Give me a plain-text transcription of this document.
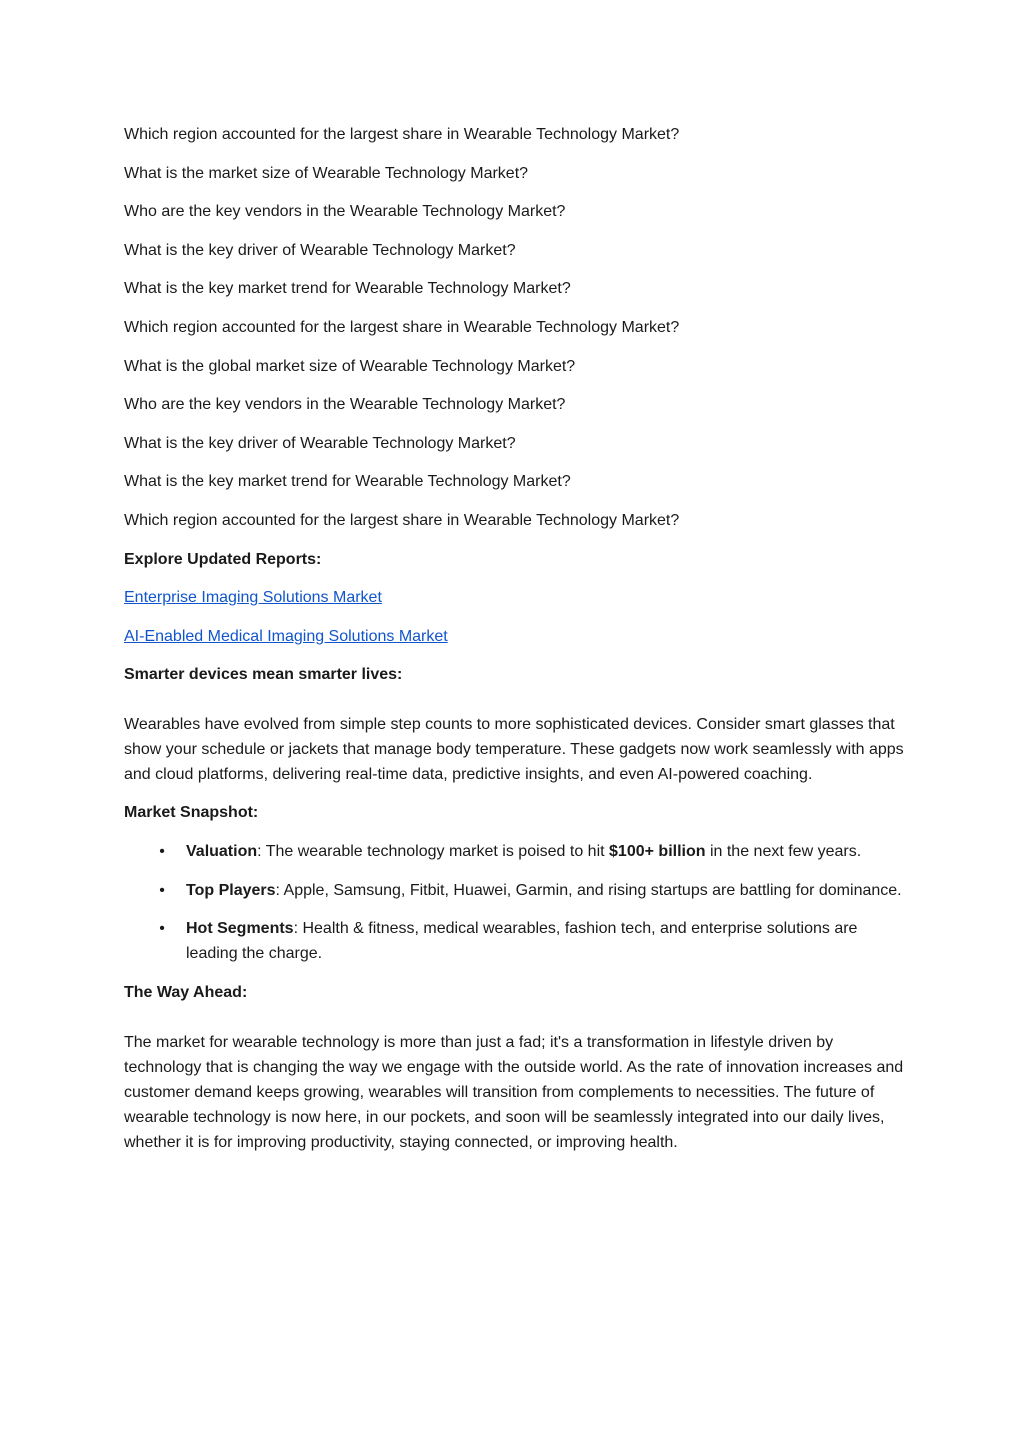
Which region accounted for the largest share in Wearable Technology Market?

What is the market size of Wearable Technology Market?

Who are the key vendors in the Wearable Technology Market?

What is the key driver of Wearable Technology Market?

What is the key market trend for Wearable Technology Market?

Which region accounted for the largest share in Wearable Technology Market?

What is the global market size of Wearable Technology Market?

Who are the key vendors in the Wearable Technology Market?

What is the key driver of Wearable Technology Market?

What is the key market trend for Wearable Technology Market?

Which region accounted for the largest share in Wearable Technology Market?

Explore Updated Reports:

Enterprise Imaging Solutions Market

AI-Enabled Medical Imaging Solutions Market

Smarter devices mean smarter lives:

Wearables have evolved from simple step counts to more sophisticated devices. Consider smart glasses that show your schedule or jackets that manage body temperature. These gadgets now work seamlessly with apps and cloud platforms, delivering real-time data, predictive insights, and even AI-powered coaching.

Market Snapshot:

•	Valuation: The wearable technology market is poised to hit $100+ billion in the next few years.
•	Top Players: Apple, Samsung, Fitbit, Huawei, Garmin, and rising startups are battling for dominance.
•	Hot Segments: Health & fitness, medical wearables, fashion tech, and enterprise solutions are leading the charge.

The Way Ahead:

The market for wearable technology is more than just a fad; it's a transformation in lifestyle driven by technology that is changing the way we engage with the outside world. As the rate of innovation increases and customer demand keeps growing, wearables will transition from complements to necessities. The future of wearable technology is now here, in our pockets, and soon will be seamlessly integrated into our daily lives, whether it is for improving productivity, staying connected, or improving health.
